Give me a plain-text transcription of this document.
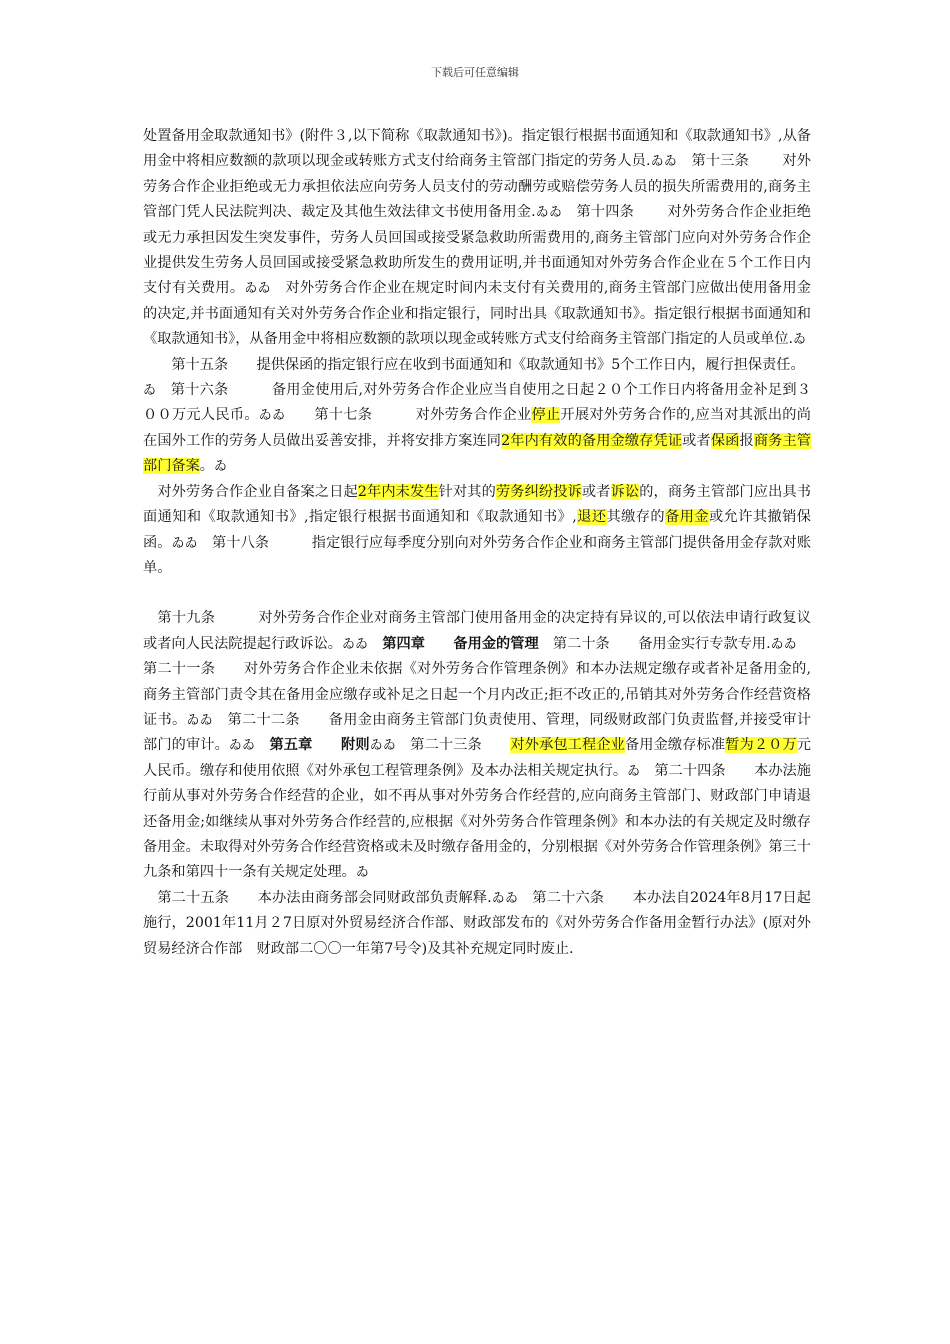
下载后可任意编辑

处置备用金取款通知书》(附件３,以下简称《取款通知书》)。指定银行根据书面通知和《取款通知书》,从备用金中将相应数额的款项以现金或转账方式支付给商务主管部门指定的劳务人员.ゐゐ　第十三条　　 对外劳务合作企业拒绝或无力承担依法应向劳务人员支付的劳动酬劳或赔偿劳务人员的损失所需费用的,商务主管部门凭人民法院判决、裁定及其他生效法律文书使用备用金.ゐゐ　第十四条　　 对外劳务合作企业拒绝或无力承担因发生突发事件，劳务人员回国或接受紧急救助所需费用的,商务主管部门应向对外劳务合作企业提供发生劳务人员回国或接受紧急救助所发生的费用证明,并书面通知对外劳务合作企业在５个工作日内支付有关费用。ゐゐ　对外劳务合作企业在规定时间内未支付有关费用的,商务主管部门应做出使用备用金的决定,并书面通知有关对外劳务合作企业和指定银行，同时出具《取款通知书》。指定银行根据书面通知和《取款通知书》，从备用金中将相应数额的款项以现金或转账方式支付给商务主管部门指定的人员或单位.ゐ

　　第十五条　　提供保函的指定银行应在收到书面通知和《取款通知书》5个工作日内，履行担保责任。

ゐ　第十六条　　　备用金使用后,对外劳务合作企业应当自使用之日起２０个工作日内将备用金补足到３００万元人民币。ゐゐ　　第十七条　　　对外劳务合作企业停止开展对外劳务合作的,应当对其派出的尚在国外工作的劳务人员做出妥善安排，并将安排方案连同2年内有效的备用金缴存凭证或者保函报商务主管部门备案。ゐ

　对外劳务合作企业自备案之日起2年内未发生针对其的劳务纠纷投诉或者诉讼的，商务主管部门应出具书面通知和《取款通知书》,指定银行根据书面通知和《取款通知书》,退还其缴存的备用金或允许其撤销保函。ゐゐ　第十八条　　　指定银行应每季度分别向对外劳务合作企业和商务主管部门提供备用金存款对账单。

　第十九条　　　对外劳务合作企业对商务主管部门使用备用金的决定持有异议的,可以依法申请行政复议或者向人民法院提起行政诉讼。ゐゐ　 第四章　　备用金的管理　第二十条　　备用金实行专款专用.ゐゐ　第二十一条　　对外劳务合作企业未依据《对外劳务合作管理条例》和本办法规定缴存或者补足备用金的,商务主管部门责令其在备用金应缴存或补足之日起一个月内改正;拒不改正的,吊销其对外劳务合作经营资格证书。ゐゐ　第二十二条　　备用金由商务主管部门负责使用、管理，同级财政部门负责监督,并接受审计部门的审计。ゐゐ　 第五章　　附则ゐゐ　第二十三条　　对外承包工程企业备用金缴存标准暂为２０万元人民币。缴存和使用依照《对外承包工程管理条例》及本办法相关规定执行。ゐ　第二十四条　　本办法施行前从事对外劳务合作经营的企业，如不再从事对外劳务合作经营的,应向商务主管部门、财政部门申请退还备用金;如继续从事对外劳务合作经营的,应根据《对外劳务合作管理条例》和本办法的有关规定及时缴存备用金。未取得对外劳务合作经营资格或未及时缴存备用金的，分别根据《对外劳务合作管理条例》第三十九条和第四十一条有关规定处理。ゐ

　第二十五条　　本办法由商务部会同财政部负责解释.ゐゐ　第二十六条　　本办法自2024年8月17日起施行，2001年11月２7日原对外贸易经济合作部、财政部发布的《对外劳务合作备用金暂行办法》(原对外贸易经济合作部　财政部二〇〇一年第7号令)及其补充规定同时废止.
